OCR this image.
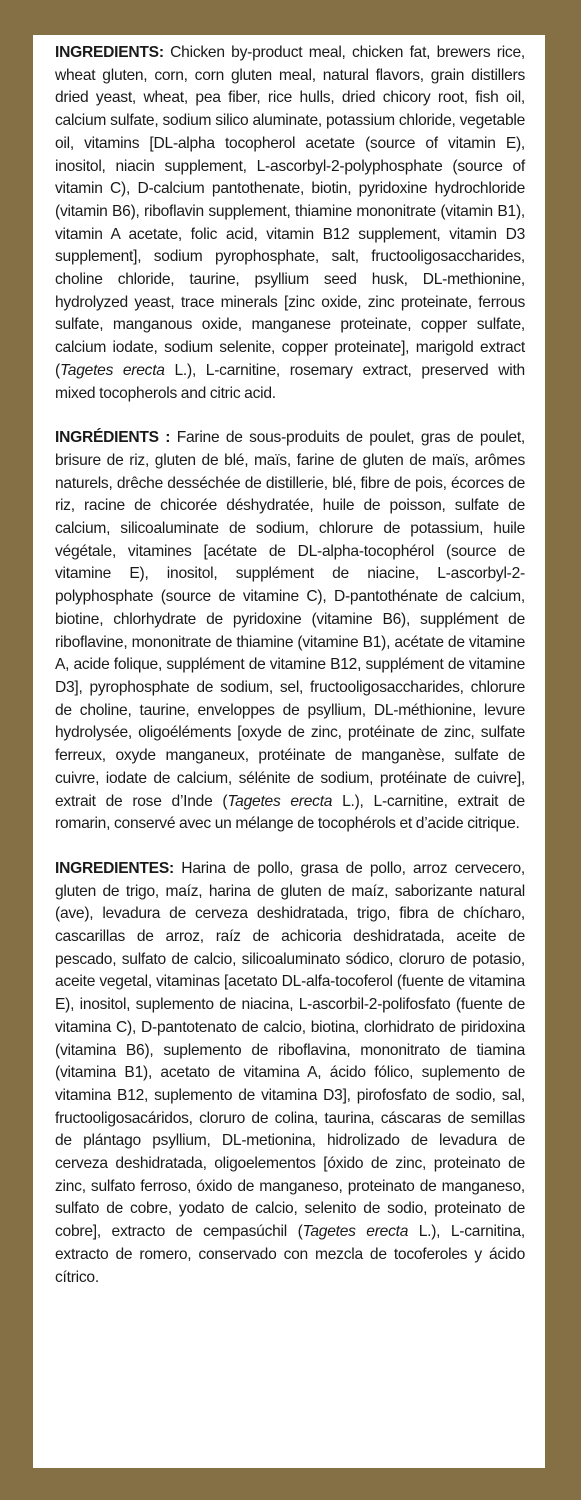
INGREDIENTS: Chicken by-product meal, chicken fat, brewers rice, wheat gluten, corn, corn gluten meal, natural flavors, grain distillers dried yeast, wheat, pea fiber, rice hulls, dried chicory root, fish oil, calcium sulfate, sodium silico aluminate, potassium chloride, vegetable oil, vitamins [DL-alpha tocopherol acetate (source of vitamin E), inositol, niacin supplement, L-ascorbyl-2-polyphosphate (source of vitamin C), D-calcium pantothenate, biotin, pyridoxine hydrochloride (vitamin B6), riboflavin supplement, thiamine mononitrate (vitamin B1), vitamin A acetate, folic acid, vitamin B12 supplement, vitamin D3 supplement], sodium pyrophosphate, salt, fructooligosaccharides, choline chloride, taurine, psyllium seed husk, DL-methionine, hydrolyzed yeast, trace minerals [zinc oxide, zinc proteinate, ferrous sulfate, manganous oxide, manganese proteinate, copper sulfate, calcium iodate, sodium selenite, copper proteinate], marigold extract (Tagetes erecta L.), L-carnitine, rosemary extract, preserved with mixed tocopherols and citric acid.

INGRÉDIENTS : Farine de sous-produits de poulet, gras de poulet, brisure de riz, gluten de blé, maïs, farine de gluten de maïs, arômes naturels, drêche desséchée de distillerie, blé, fibre de pois, écorces de riz, racine de chicorée déshydratée, huile de poisson, sulfate de calcium, silicoaluminate de sodium, chlorure de potassium, huile végétale, vitamines [acétate de DL-alpha-tocophérol (source de vitamine E), inositol, supplément de niacine, L-ascorbyl-2-polyphosphate (source de vitamine C), D-pantothénate de calcium, biotine, chlorhydrate de pyridoxine (vitamine B6), supplément de riboflavine, mononitrate de thiamine (vitamine B1), acétate de vitamine A, acide folique, supplément de vitamine B12, supplément de vitamine D3], pyrophosphate de sodium, sel, fructooligosaccharides, chlorure de choline, taurine, enveloppes de psyllium, DL-méthionine, levure hydrolysée, oligoéléments [oxyde de zinc, protéinate de zinc, sulfate ferreux, oxyde manganeux, protéinate de manganèse, sulfate de cuivre, iodate de calcium, sélénite de sodium, protéinate de cuivre], extrait de rose d’Inde (Tagetes erecta L.), L-carnitine, extrait de romarin, conservé avec un mélange de tocophérols et d’acide citrique.

INGREDIENTES: Harina de pollo, grasa de pollo, arroz cervecero, gluten de trigo, maíz, harina de gluten de maíz, saborizante natural (ave), levadura de cerveza deshidratada, trigo, fibra de chícharo, cascarillas de arroz, raíz de achicoria deshidratada, aceite de pescado, sulfato de calcio, silicoaluminato sódico, cloruro de potasio, aceite vegetal, vitaminas [acetato DL-alfa-tocoferol (fuente de vitamina E), inositol, suplemento de niacina, L-ascorbil-2-polifosfato (fuente de vitamina C), D-pantotenato de calcio, biotina, clorhidrato de piridoxina (vitamina B6), suplemento de riboflavina, mononitrato de tiamina (vitamina B1), acetato de vitamina A, ácido fólico, suplemento de vitamina B12, suplemento de vitamina D3], pirofosfato de sodio, sal, fructooligosacáridos, cloruro de colina, taurina, cáscaras de semillas de plántago psyllium, DL-metionina, hidrolizado de levadura de cerveza deshidratada, oligoelementos [óxido de zinc, proteinato de zinc, sulfato ferroso, óxido de manganeso, proteinato de manganeso, sulfato de cobre, yodato de calcio, selenito de sodio, proteinato de cobre], extracto de cempasúchil (Tagetes erecta L.), L-carnitina, extracto de romero, conservado con mezcla de tocoferoles y ácido cítrico.
